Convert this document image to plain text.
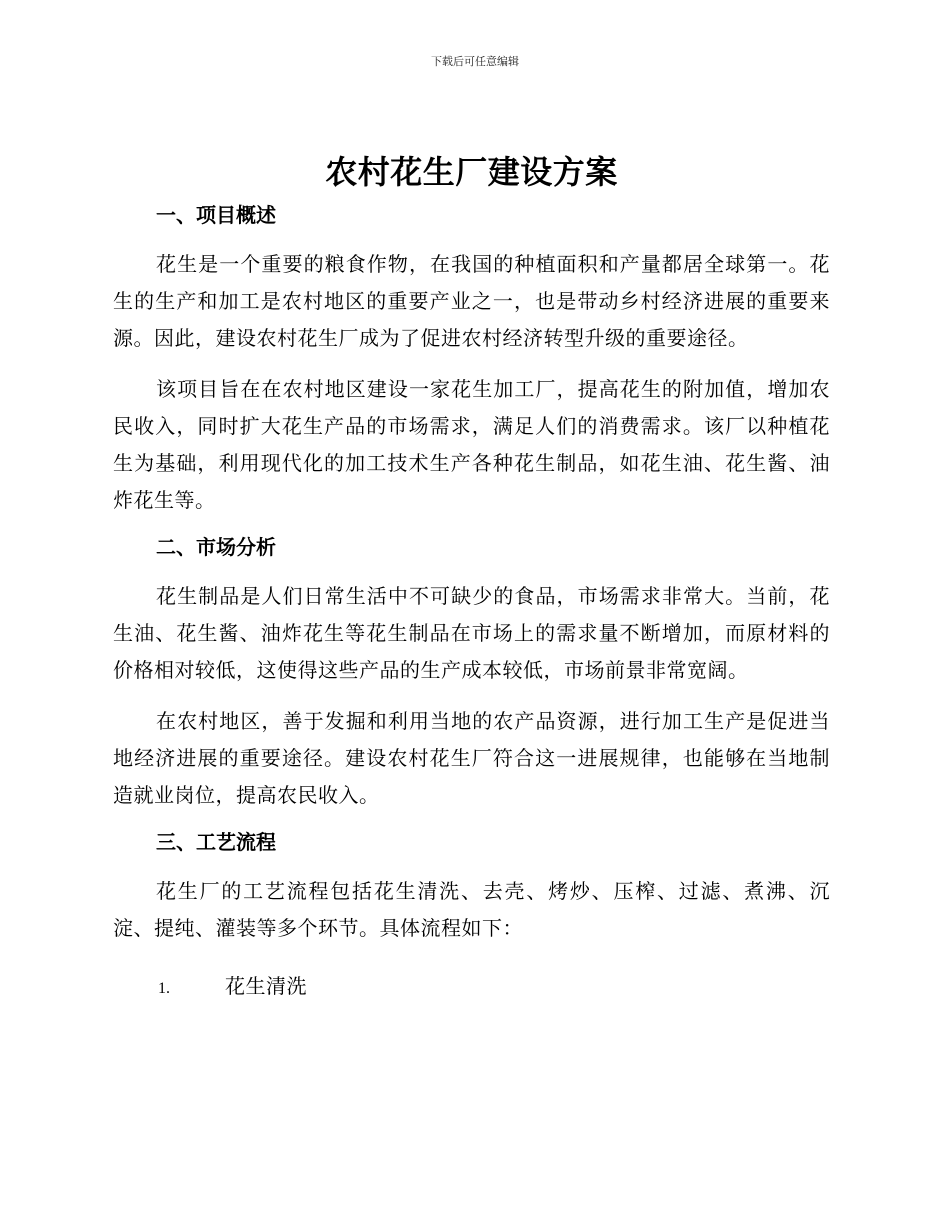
下载后可任意编辑
农村花生厂建设方案
一、项目概述

花生是一个重要的粮食作物，在我国的种植面积和产量都居全球第一。花生的生产和加工是农村地区的重要产业之一，也是带动乡村经济进展的重要来源。因此，建设农村花生厂成为了促进农村经济转型升级的重要途径。

该项目旨在在农村地区建设一家花生加工厂，提高花生的附加值，增加农民收入，同时扩大花生产品的市场需求，满足人们的消费需求。该厂以种植花生为基础，利用现代化的加工技术生产各种花生制品，如花生油、花生酱、油炸花生等。

二、市场分析

花生制品是人们日常生活中不可缺少的食品，市场需求非常大。当前，花生油、花生酱、油炸花生等花生制品在市场上的需求量不断增加，而原材料的价格相对较低，这使得这些产品的生产成本较低，市场前景非常宽阔。

在农村地区，善于发掘和利用当地的农产品资源，进行加工生产是促进当地经济进展的重要途径。建设农村花生厂符合这一进展规律，也能够在当地制造就业岗位，提高农民收入。

三、工艺流程

花生厂的工艺流程包括花生清洗、去壳、烤炒、压榨、过滤、煮沸、沉淀、提纯、灌装等多个环节。具体流程如下：

1.	花生清洗
